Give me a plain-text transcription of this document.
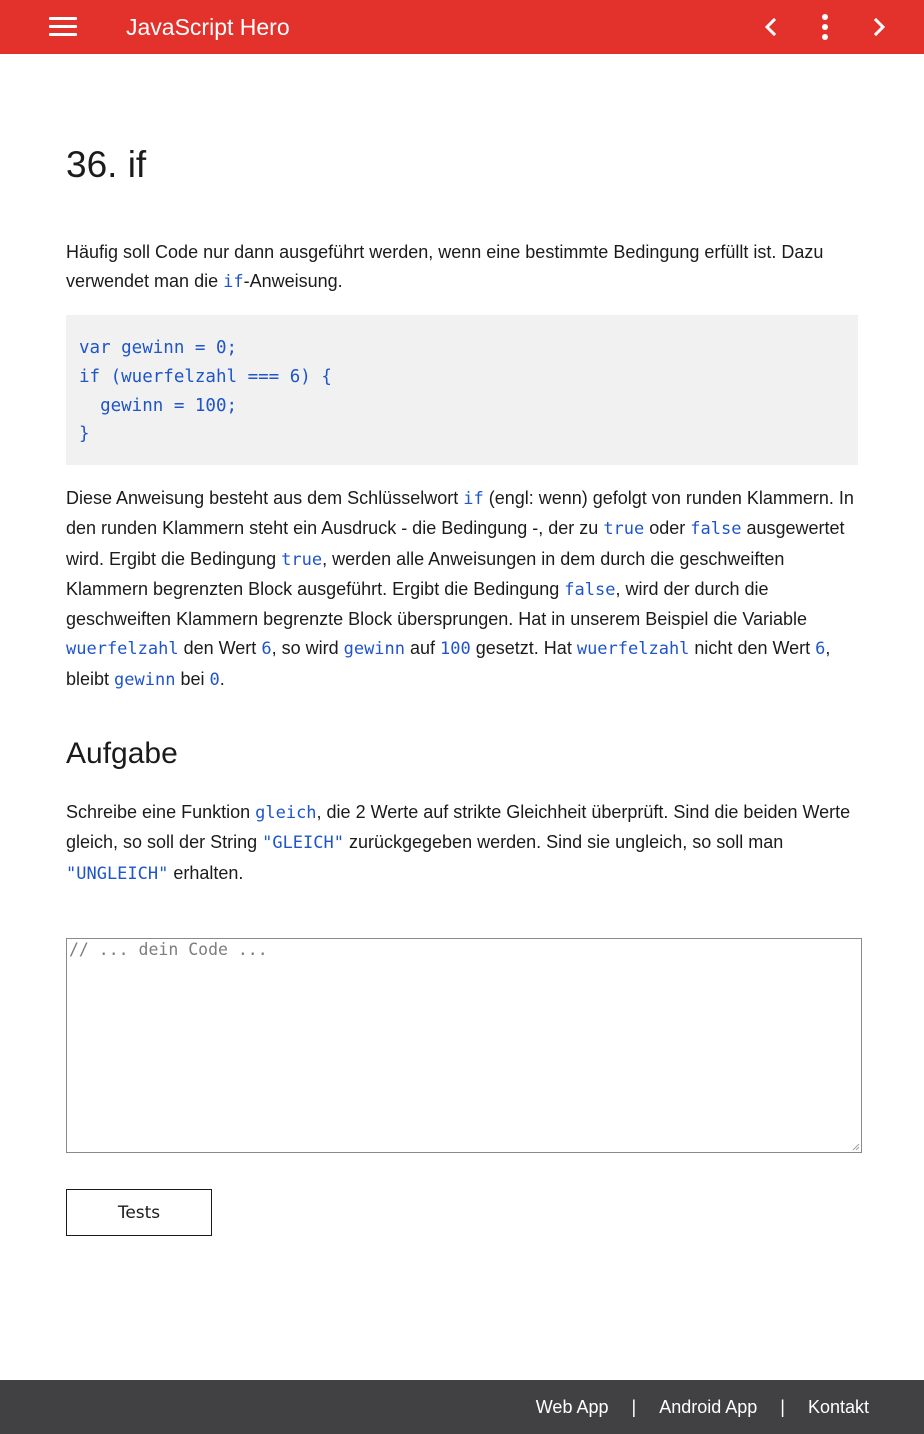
JavaScript Hero
36. if

Häufig soll Code nur dann ausgeführt werden, wenn eine bestimmte Bedingung erfüllt ist. Dazu verwendet man die if-Anweisung.

var gewinn = 0;
if (wuerfelzahl === 6) {
gewinn = 100;
}

Diese Anweisung besteht aus dem Schlüsselwort if (engl: wenn) gefolgt von runden Klammern. In den runden Klammern steht ein Ausdruck - die Bedingung -, der zu true oder false ausgewertet wird. Ergibt die Bedingung true, werden alle Anweisungen in dem durch die geschweiften Klammern begrenzten Block ausgeführt. Ergibt die Bedingung false, wird der durch die geschweiften Klammern begrenzte Block übersprungen. Hat in unserem Beispiel die Variable wuerfelzahl den Wert 6, so wird gewinn auf 100 gesetzt. Hat wuerfelzahl nicht den Wert 6, bleibt gewinn bei 0.

Aufgabe

Schreibe eine Funktion gleich, die 2 Werte auf strikte Gleichheit überprüft. Sind die beiden Werte gleich, so soll der String "GLEICH" zurückgegeben werden. Sind sie ungleich, so soll man "UNGLEICH" erhalten.

// ... dein Code ...
Tests
Web App | Android App | Kontakt
